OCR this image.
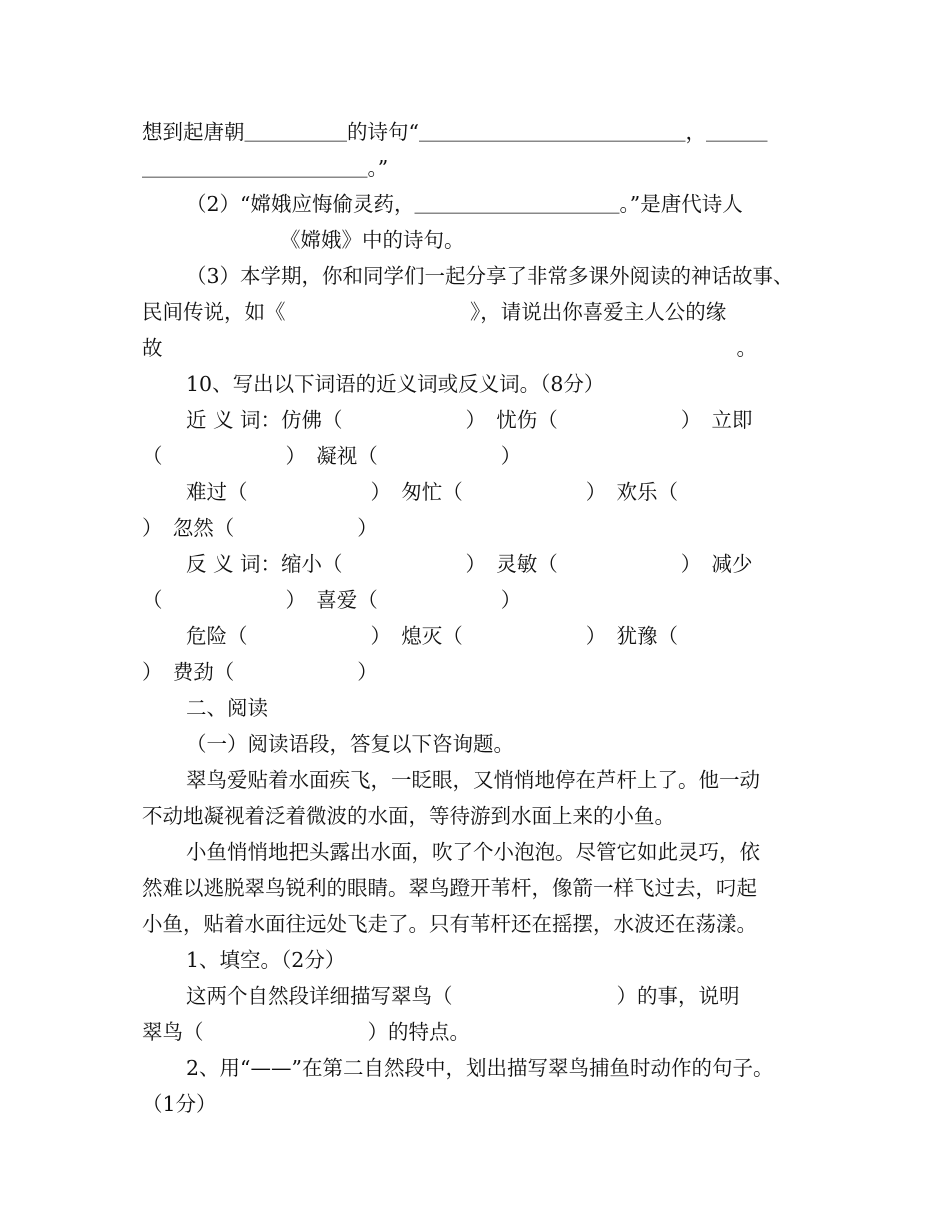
想到起唐朝＿＿＿＿＿的诗句“＿＿＿＿＿＿＿＿＿＿＿＿＿，＿＿＿
＿＿＿＿＿＿＿＿＿＿＿。”
（2）“嫦娥应悔偷灵药，＿＿＿＿＿＿＿＿＿＿。”是唐代诗人
《嫦娥》中的诗句。
（3）本学期，你和同学们一起分享了非常多课外阅读的神话故事、
民间传说，如《　　　　　　　　　》，请说出你喜爱主人公的缘
故　　　　　　　　　　　　　　　　　　　　　　　　　　　　。
10、写出以下词语的近义词或反义词。（8分）
近 义 词：仿佛（　　　　　　）　忧伤（　　　　　　）　立即
（　　　　　　）　凝视（　　　　　　）
难过（　　　　　　）　匆忙（　　　　　　）　欢乐（
）　忽然（　　　　　　）
反 义 词：缩小（　　　　　　）　灵敏（　　　　　　）　减少
（　　　　　　）　喜爱（　　　　　　）
危险（　　　　　　）　熄灭（　　　　　　）　犹豫（
）　费劲（　　　　　　）
二、阅读
（一）阅读语段，答复以下咨询题。
翠鸟爱贴着水面疾飞，一眨眼，又悄悄地停在芦杆上了。他一动
不动地凝视着泛着微波的水面，等待游到水面上来的小鱼。
小鱼悄悄地把头露出水面，吹了个小泡泡。尽管它如此灵巧，依
然难以逃脱翠鸟锐利的眼睛。翠鸟蹬开苇杆，像箭一样飞过去，叼起
小鱼，贴着水面往远处飞走了。只有苇杆还在摇摆，水波还在荡漾。
1、填空。（2分）
这两个自然段详细描写翠鸟（　　　　　　　　）的事，说明
翠鸟（　　　　　　　　）的特点。
2、用“——”在第二自然段中，划出描写翠鸟捕鱼时动作的句子。
（1分）
